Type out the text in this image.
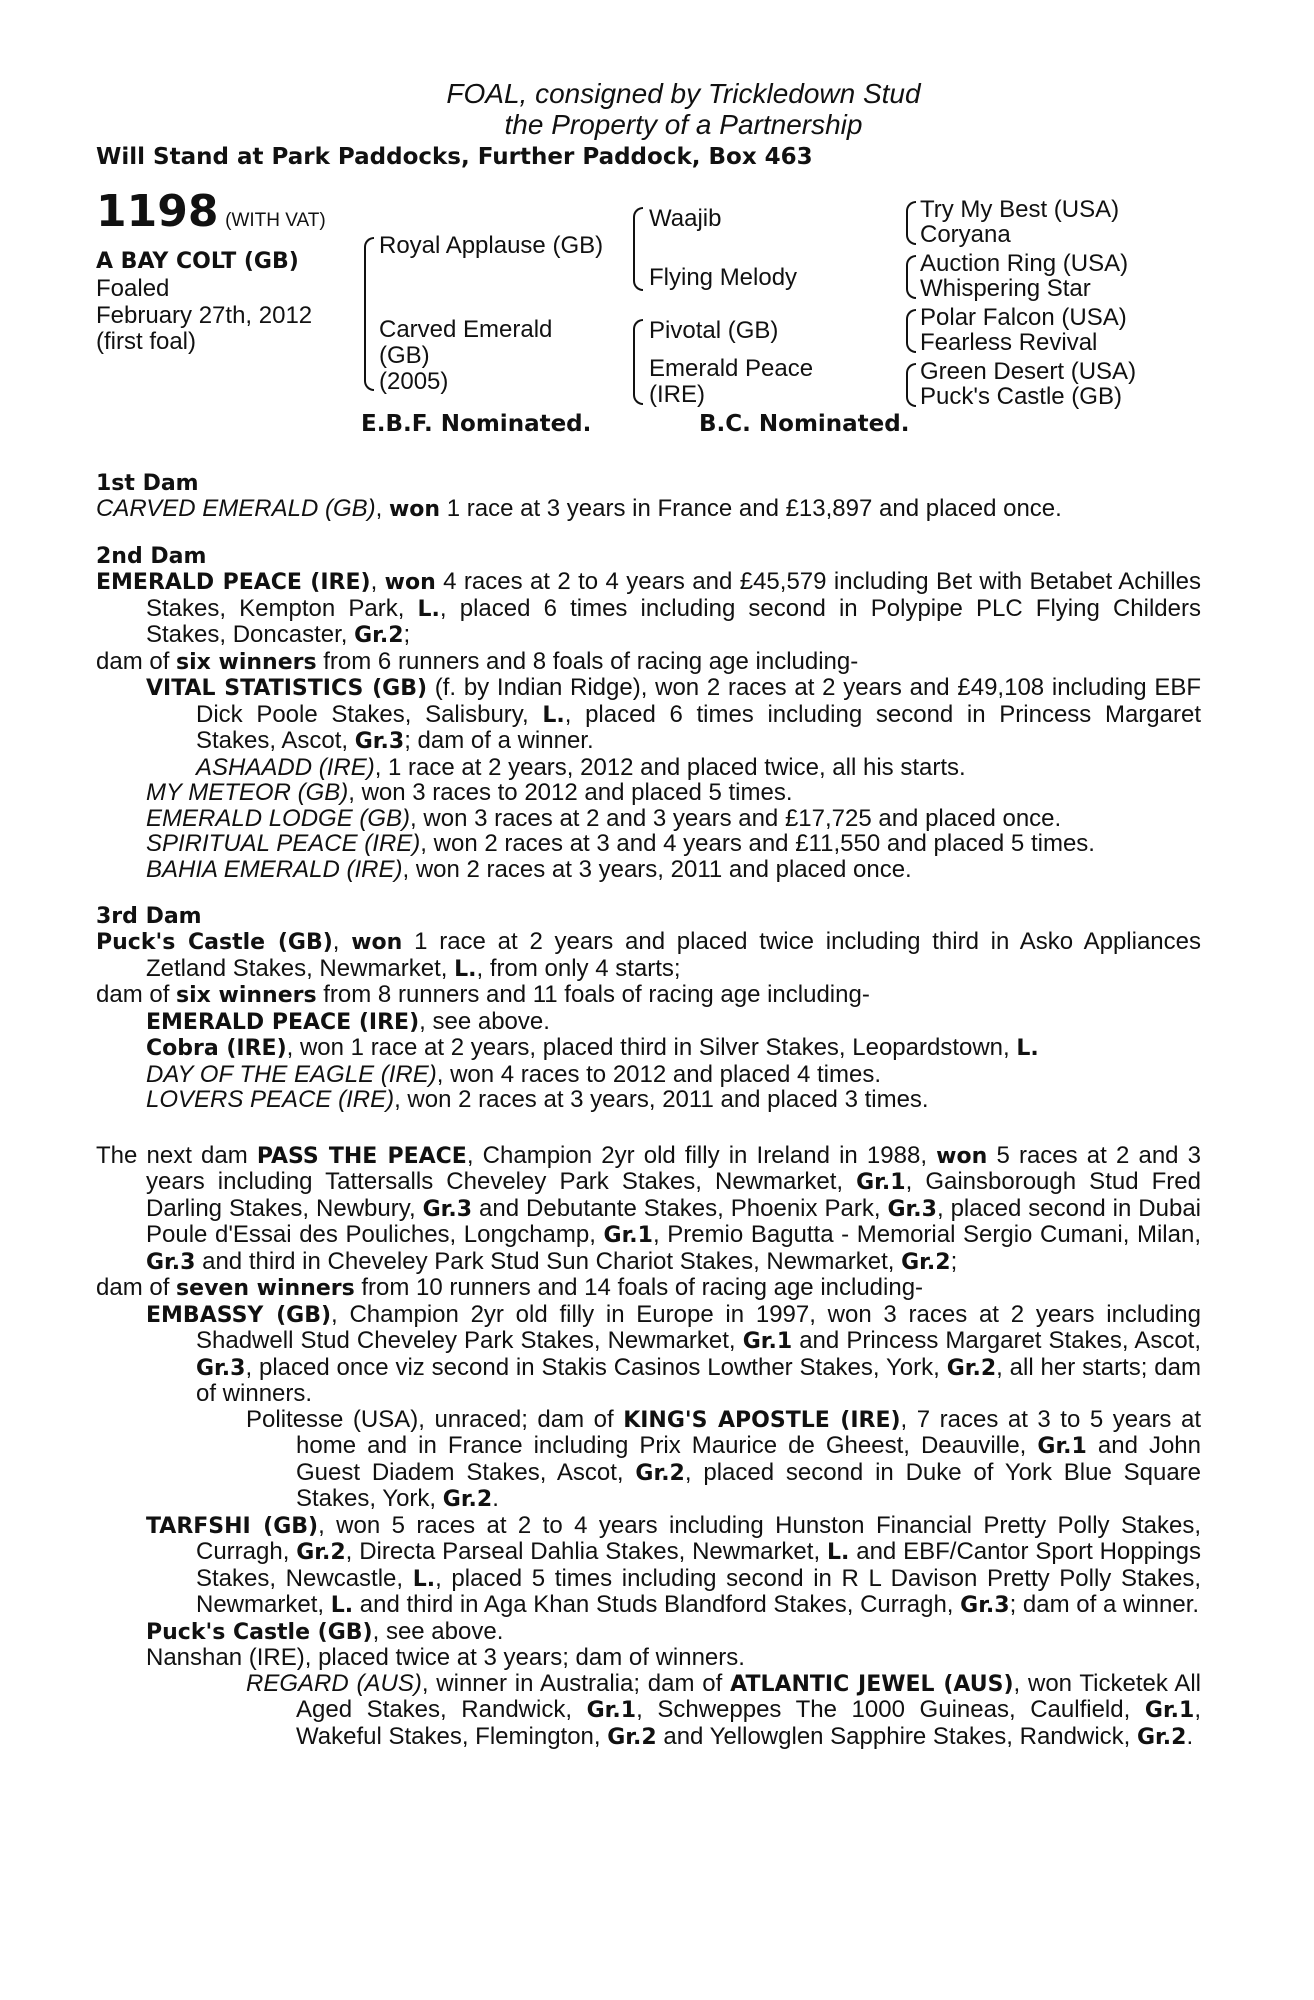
FOAL, consigned by Trickledown Stud
the Property of a Partnership
Will Stand at Park Paddocks, Further Paddock, Box 463
1198 (WITH VAT)
A BAY COLT (GB)
Foaled
February 27th, 2012
(first foal)
Royal Applause (GB)
Carved Emerald
(GB)
(2005)
Waajib
Flying Melody
Pivotal (GB)
Emerald Peace
(IRE)
Try My Best (USA)
Coryana
Auction Ring (USA)
Whispering Star
Polar Falcon (USA)
Fearless Revival
Green Desert (USA)
Puck's Castle (GB)
E.B.F. Nominated.	B.C. Nominated.
1st Dam

CARVED EMERALD (GB), won 1 race at 3 years in France and £13,897 and placed once.

2nd Dam

EMERALD PEACE (IRE), won 4 races at 2 to 4 years and £45,579 including Bet with Betabet Achilles Stakes, Kempton Park, L., placed 6 times including second in Polypipe PLC Flying Childers Stakes, Doncaster, Gr.2;

dam of six winners from 6 runners and 8 foals of racing age including-

VITAL STATISTICS (GB) (f. by Indian Ridge), won 2 races at 2 years and £49,108 including EBF Dick Poole Stakes, Salisbury, L., placed 6 times including second in Princess Margaret Stakes, Ascot, Gr.3; dam of a winner.

ASHAADD (IRE), 1 race at 2 years, 2012 and placed twice, all his starts.

MY METEOR (GB), won 3 races to 2012 and placed 5 times.

EMERALD LODGE (GB), won 3 races at 2 and 3 years and £17,725 and placed once.

SPIRITUAL PEACE (IRE), won 2 races at 3 and 4 years and £11,550 and placed 5 times.

BAHIA EMERALD (IRE), won 2 races at 3 years, 2011 and placed once.

3rd Dam

Puck's Castle (GB), won 1 race at 2 years and placed twice including third in Asko Appliances Zetland Stakes, Newmarket, L., from only 4 starts;

dam of six winners from 8 runners and 11 foals of racing age including-

EMERALD PEACE (IRE), see above.

Cobra (IRE), won 1 race at 2 years, placed third in Silver Stakes, Leopardstown, L.

DAY OF THE EAGLE (IRE), won 4 races to 2012 and placed 4 times.

LOVERS PEACE (IRE), won 2 races at 3 years, 2011 and placed 3 times.

The next dam PASS THE PEACE, Champion 2yr old filly in Ireland in 1988, won 5 races at 2 and 3 years including Tattersalls Cheveley Park Stakes, Newmarket, Gr.1, Gainsborough Stud Fred Darling Stakes, Newbury, Gr.3 and Debutante Stakes, Phoenix Park, Gr.3, placed second in Dubai Poule d'Essai des Pouliches, Longchamp, Gr.1, Premio Bagutta - Memorial Sergio Cumani, Milan, Gr.3 and third in Cheveley Park Stud Sun Chariot Stakes, Newmarket, Gr.2;

dam of seven winners from 10 runners and 14 foals of racing age including-

EMBASSY (GB), Champion 2yr old filly in Europe in 1997, won 3 races at 2 years including Shadwell Stud Cheveley Park Stakes, Newmarket, Gr.1 and Princess Margaret Stakes, Ascot, Gr.3, placed once viz second in Stakis Casinos Lowther Stakes, York, Gr.2, all her starts; dam of winners.

Politesse (USA), unraced; dam of KING'S APOSTLE (IRE), 7 races at 3 to 5 years at home and in France including Prix Maurice de Gheest, Deauville, Gr.1 and John Guest Diadem Stakes, Ascot, Gr.2, placed second in Duke of York Blue Square Stakes, York, Gr.2.

TARFSHI (GB), won 5 races at 2 to 4 years including Hunston Financial Pretty Polly Stakes, Curragh, Gr.2, Directa Parseal Dahlia Stakes, Newmarket, L. and EBF/Cantor Sport Hoppings Stakes, Newcastle, L., placed 5 times including second in R L Davison Pretty Polly Stakes, Newmarket, L. and third in Aga Khan Studs Blandford Stakes, Curragh, Gr.3; dam of a winner.

Puck's Castle (GB), see above.

Nanshan (IRE), placed twice at 3 years; dam of winners.

REGARD (AUS), winner in Australia; dam of ATLANTIC JEWEL (AUS), won Ticketek All Aged Stakes, Randwick, Gr.1, Schweppes The 1000 Guineas, Caulfield, Gr.1, Wakeful Stakes, Flemington, Gr.2 and Yellowglen Sapphire Stakes, Randwick, Gr.2.
